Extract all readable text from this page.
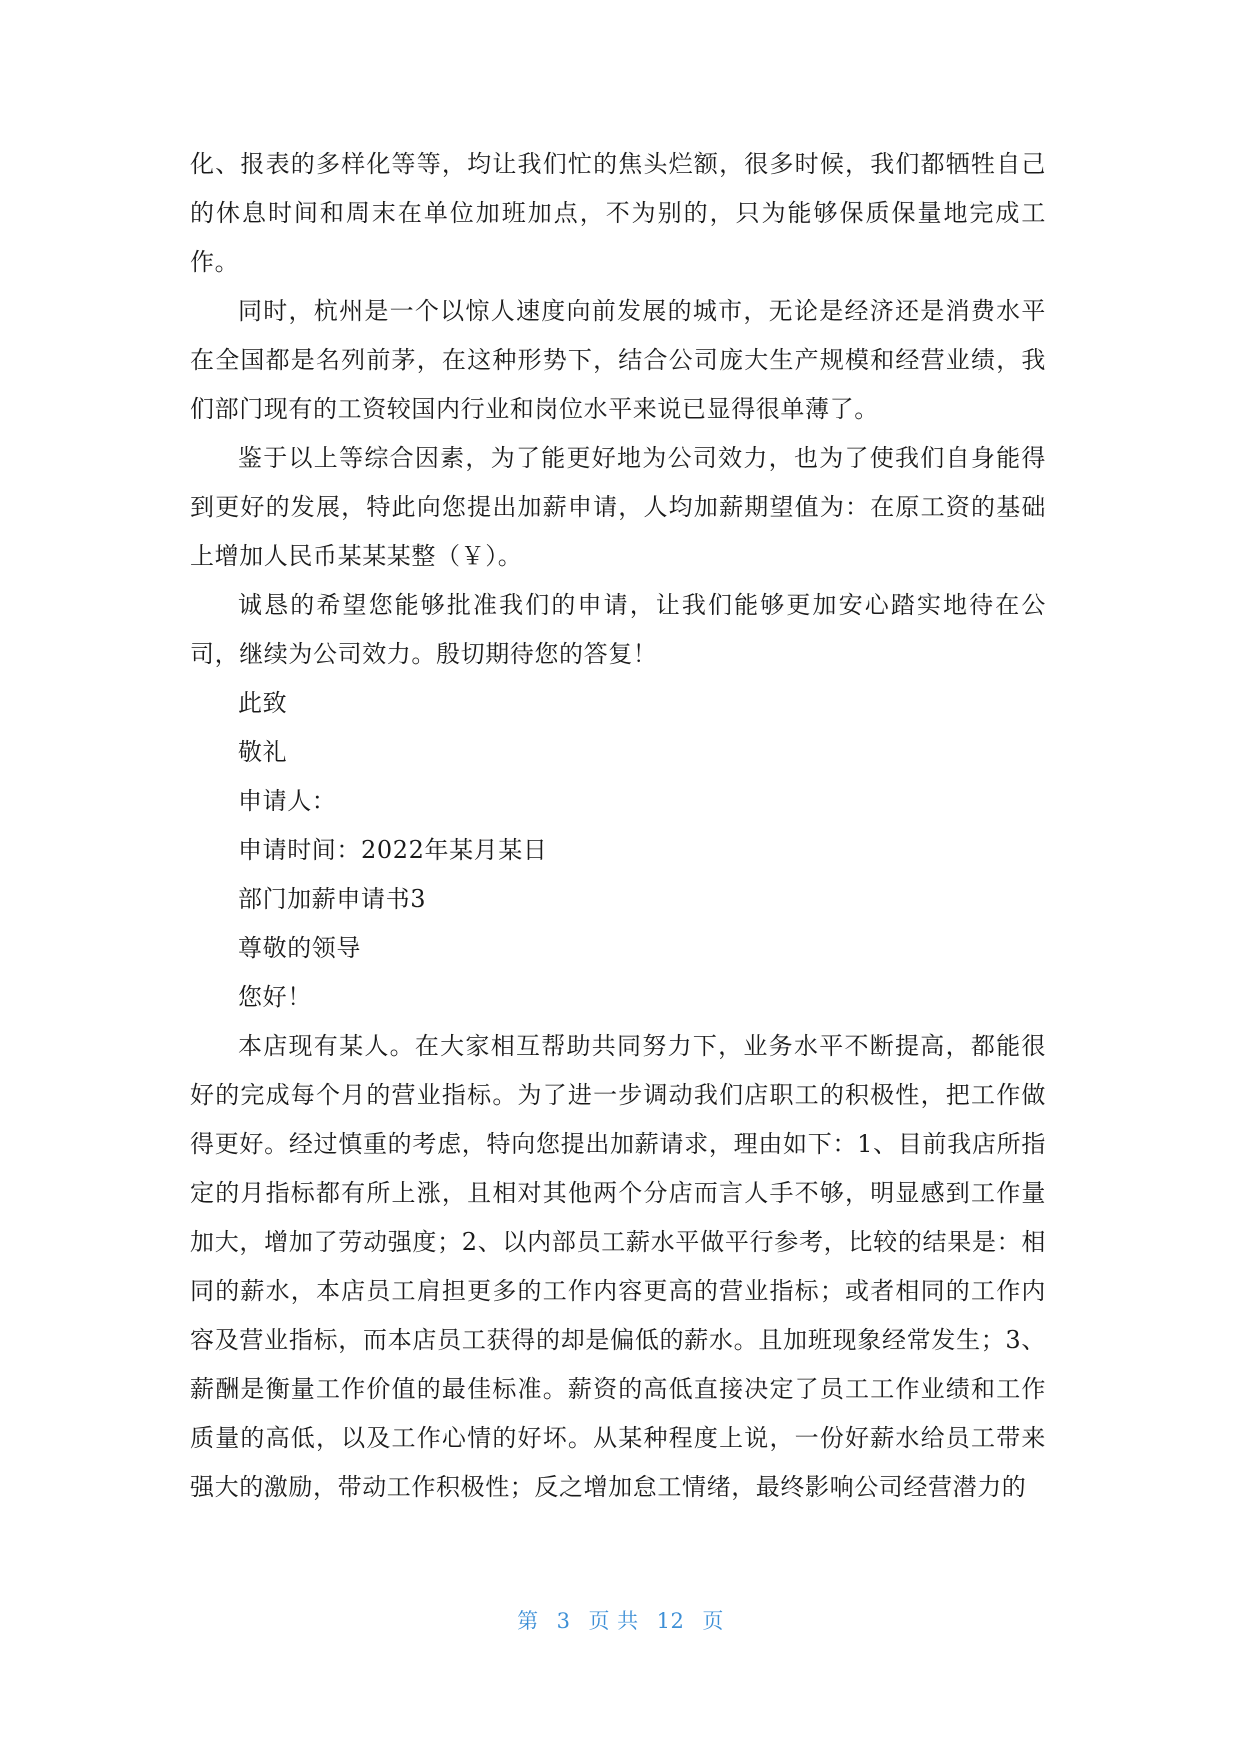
化、报表的多样化等等，均让我们忙的焦头烂额，很多时候，我们都牺牲自己的休息时间和周末在单位加班加点，不为别的，只为能够保质保量地完成工作。

同时，杭州是一个以惊人速度向前发展的城市，无论是经济还是消费水平在全国都是名列前茅，在这种形势下，结合公司庞大生产规模和经营业绩，我们部门现有的工资较国内行业和岗位水平来说已显得很单薄了。

鉴于以上等综合因素，为了能更好地为公司效力，也为了使我们自身能得到更好的发展，特此向您提出加薪申请，人均加薪期望值为：在原工资的基础上增加人民币某某某整（￥）。

诚恳的希望您能够批准我们的申请，让我们能够更加安心踏实地待在公司，继续为公司效力。殷切期待您的答复！

此致

敬礼

申请人：

申请时间：2022年某月某日

部门加薪申请书3

尊敬的领导

您好！

本店现有某人。在大家相互帮助共同努力下，业务水平不断提高，都能很好的完成每个月的营业指标。为了进一步调动我们店职工的积极性，把工作做得更好。经过慎重的考虑，特向您提出加薪请求，理由如下：1、目前我店所指定的月指标都有所上涨，且相对其他两个分店而言人手不够，明显感到工作量加大，增加了劳动强度；2、以内部员工薪水平做平行参考，比较的结果是：相同的薪水，本店员工肩担更多的工作内容更高的营业指标；或者相同的工作内容及营业指标，而本店员工获得的却是偏低的薪水。且加班现象经常发生；3、薪酬是衡量工作价值的最佳标准。薪资的高低直接决定了员工工作业绩和工作质量的高低，以及工作心情的好坏。从某种程度上说，一份好薪水给员工带来强大的激励，带动工作积极性；反之增加怠工情绪，最终影响公司经营潜力的

第 3 页 共 12 页
